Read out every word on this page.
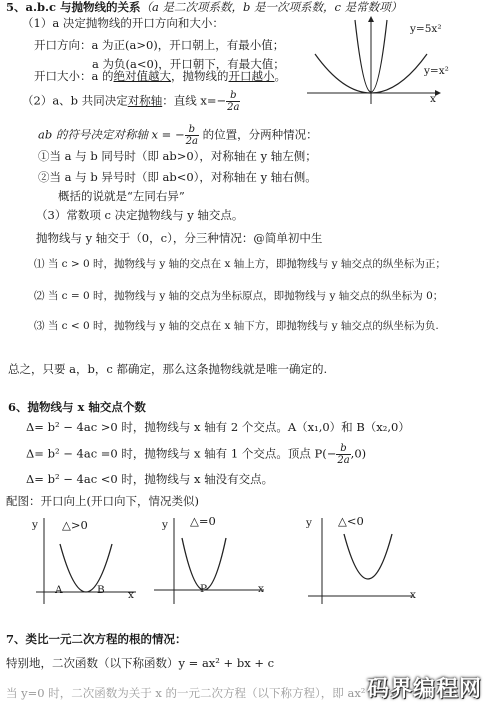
5、a.b.c 与抛物线的关系（a 是二次项系数，b 是一次项系数，c 是常数项）
（1）a 决定抛物线的开口方向和大小：
开口方向：a 为正(a>0)，开口朝上，有最小值；
a 为负(a<0)，开口朝下，有最大值；
开口大小：a 的绝对值越大，抛物线的开口越小。
y=5x²
y=x²
x
（2）a、b 共同决定对称轴：直线 $x=- \frac{b}{2a}$
ab 的符号决定对称轴 x = − $\frac{b}{2a}$ 的位置，分两种情况：
①当 a 与 b 同号时（即 ab>0），对称轴在 y 轴左侧；
②当 a 与 b 异号时（即 ab<0），对称轴在 y 轴右侧。
概括的说就是“左同右异”
（3）常数项 c 决定抛物线与 y 轴交点。
抛物线与 y 轴交于（0，c），分三种情况：@简单初中生
⑴ 当 c > 0 时，抛物线与 y 轴的交点在 x 轴上方，即抛物线与 y 轴交点的纵坐标为正；
⑵ 当 c = 0 时，抛物线与 y 轴的交点为坐标原点，即抛物线与 y 轴交点的纵坐标为 0；
⑶ 当 c < 0 时，抛物线与 y 轴的交点在 x 轴下方，即抛物线与 y 轴交点的纵坐标为负.
总之，只要 a，b，c 都确定，那么这条抛物线就是唯一确定的.
6、抛物线与 x 轴交点个数
Δ= b² − 4ac >0 时，抛物线与 x 轴有 2 个交点。A（x₁,0）和 B（x₂,0）
Δ= b² − 4ac =0 时，抛物线与 x 轴有 1 个交点。顶点 $P(- \frac{b}{2a} ,0)$
Δ= b² − 4ac <0 时，抛物线与 x 轴没有交点。
配图：开口向上(开口向下，情况类似)
y △>0
A	B x
y △=0
P	x
y △<0
x
7、类比一元二次方程的根的情况：
特别地，二次函数（以下称函数）y = ax² + bx + c
当 y=0 时，二次函数为关于 x 的一元二次方程（以下称方程），即 ax² + bx
码界编程网
